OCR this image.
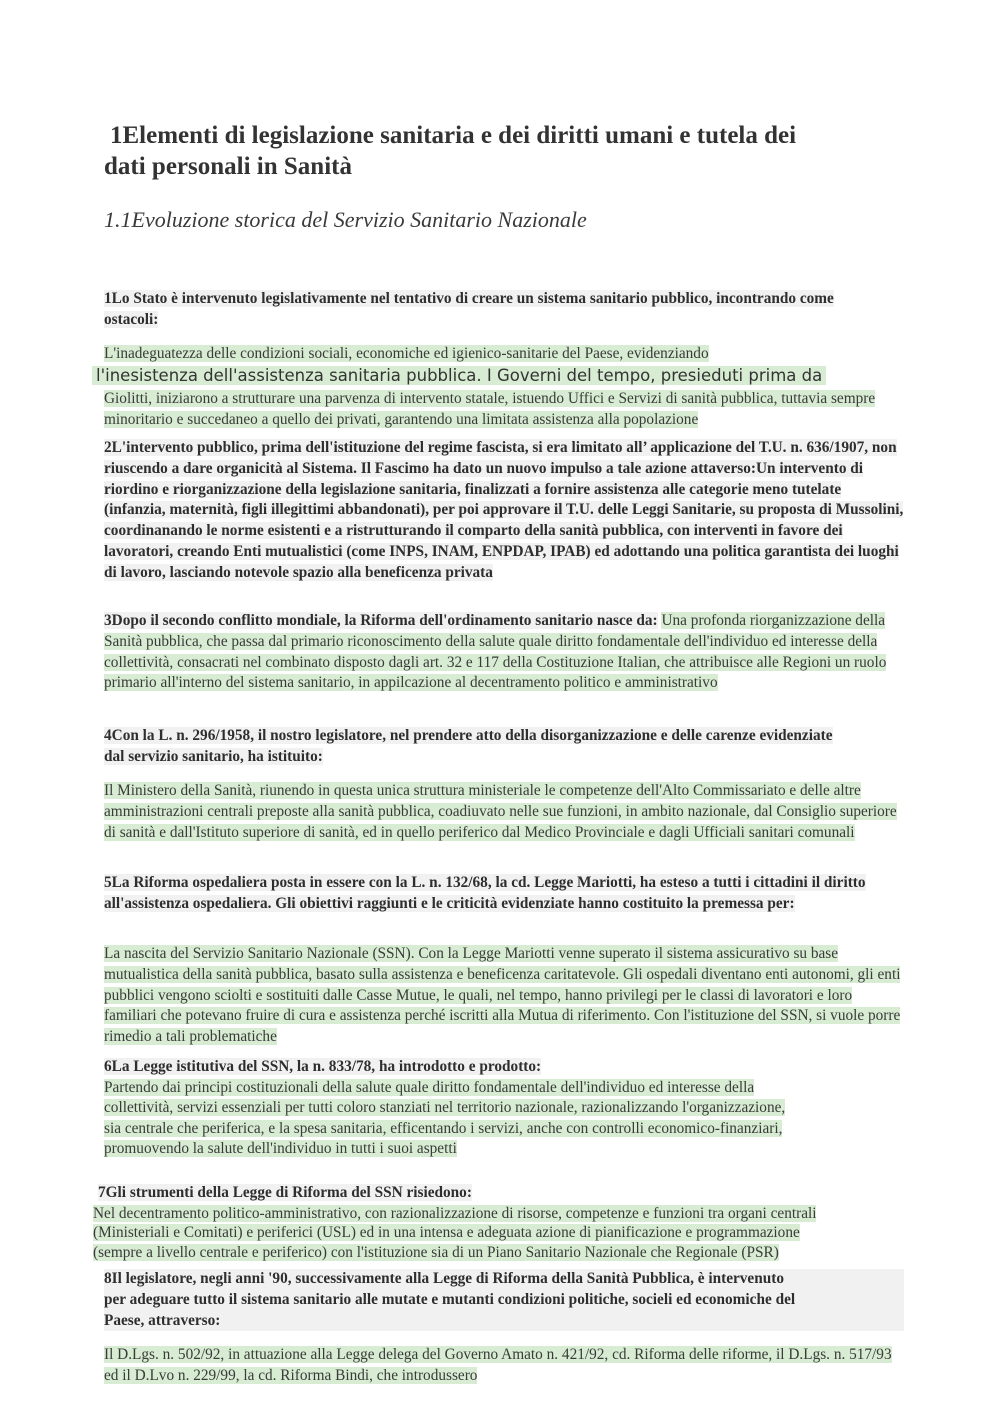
1Elementi di legislazione sanitaria e dei diritti umani e tutela dei
dati personali in Sanità
1.1Evoluzione storica del Servizio Sanitario Nazionale
1Lo Stato è intervenuto legislativamente nel tentativo di creare un sistema sanitario pubblico, incontrando come ostacoli:
L'inadeguatezza delle condizioni sociali, economiche ed igienico-sanitarie del Paese, evidenziando
l'inesistenza dell'assistenza sanitaria pubblica. I Governi del tempo, presieduti prima da
Giolitti, iniziarono a strutturare una parvenza di intervento statale, istuendo Uffici e Servizi di sanità pubblica, tuttavia sempre minoritario e succedaneo a quello dei privati, garantendo una limitata assistenza alla popolazione
2L'intervento pubblico, prima dell'istituzione del regime fascista, si era limitato all’ applicazione del T.U. n. 636/1907, non riuscendo a dare organicità al Sistema. Il Fascimo ha dato un nuovo impulso a tale azione attaverso:Un intervento di riordino e riorganizzazione della legislazione sanitaria, finalizzati a fornire assistenza alle categorie meno tutelate (infanzia, maternità, figli illegittimi abbandonati), per poi approvare il T.U. delle Leggi Sanitarie, su proposta di Mussolini, coordinanando le norme esistenti e a ristrutturando il comparto della sanità pubblica, con interventi in favore dei lavoratori, creando Enti mutualistici (come INPS, INAM, ENPDAP, IPAB) ed adottando una politica garantista dei luoghi di lavoro, lasciando notevole spazio alla beneficenza privata
3Dopo il secondo conflitto mondiale, la Riforma dell'ordinamento sanitario nasce da: Una profonda riorganizzazione della Sanità pubblica, che passa dal primario riconoscimento della salute quale diritto fondamentale dell'individuo ed interesse della collettività, consacrati nel combinato disposto dagli art. 32 e 117 della Costituzione Italian, che attribuisce alle Regioni un ruolo primario all'interno del sistema sanitario, in appilcazione al decentramento politico e amministrativo
4Con la L. n. 296/1958, il nostro legislatore, nel prendere atto della disorganizzazione e delle carenze evidenziate dal servizio sanitario, ha istituito:
Il Ministero della Sanità, riunendo in questa unica struttura ministeriale le competenze dell'Alto Commissariato e delle altre amministrazioni centrali preposte alla sanità pubblica, coadiuvato nelle sue funzioni, in ambito nazionale, dal Consiglio superiore di sanità e dall'Istituto superiore di sanità, ed in quello periferico dal Medico Provinciale e dagli Ufficiali sanitari comunali
5La Riforma ospedaliera posta in essere con la L. n. 132/68, la cd. Legge Mariotti, ha esteso a tutti i cittadini il diritto all'assistenza ospedaliera. Gli obiettivi raggiunti e le criticità evidenziate hanno costituito la premessa per:
La nascita del Servizio Sanitario Nazionale (SSN). Con la Legge Mariotti venne superato il sistema assicurativo su base mutualistica della sanità pubblica, basato sulla assistenza e beneficenza caritatevole. Gli ospedali diventano enti autonomi, gli enti pubblici vengono sciolti e sostituiti dalle Casse Mutue, le quali, nel tempo, hanno privilegi per le classi di lavoratori e loro familiari che potevano fruire di cura e assistenza perché iscritti alla Mutua di riferimento. Con l'istituzione del SSN, si vuole porre rimedio a tali problematiche
6La Legge istitutiva del SSN, la n. 833/78, ha introdotto e prodotto:
Partendo dai principi costituzionali della salute quale diritto fondamentale dell'individuo ed interesse della
collettività, servizi essenziali per tutti coloro stanziati nel territorio nazionale, razionalizzando l'organizzazione,
sia centrale che periferica, e la spesa sanitaria, efficentando i servizi, anche con controlli economico-finanziari,
promuovendo la salute dell'individuo in tutti i suoi aspetti
7Gli strumenti della Legge di Riforma del SSN risiedono:
Nel decentramento politico-amministrativo, con razionalizzazione di risorse, competenze e funzioni tra organi centrali
(Ministeriali e Comitati) e periferici (USL) ed in una intensa e adeguata azione di pianificazione e programmazione
(sempre a livello centrale e periferico) con l'istituzione sia di un Piano Sanitario Nazionale che Regionale (PSR)
8Il legislatore, negli anni '90, successivamente alla Legge di Riforma della Sanità Pubblica, è intervenuto
per adeguare tutto il sistema sanitario alle mutate e mutanti condizioni politiche, socieli ed economiche del
Paese, attraverso:
Il D.Lgs. n. 502/92, in attuazione alla Legge delega del Governo Amato n. 421/92, cd. Riforma delle riforme, il D.Lgs. n. 517/93 ed il D.Lvo n. 229/99, la cd. Riforma Bindi, che introdussero
